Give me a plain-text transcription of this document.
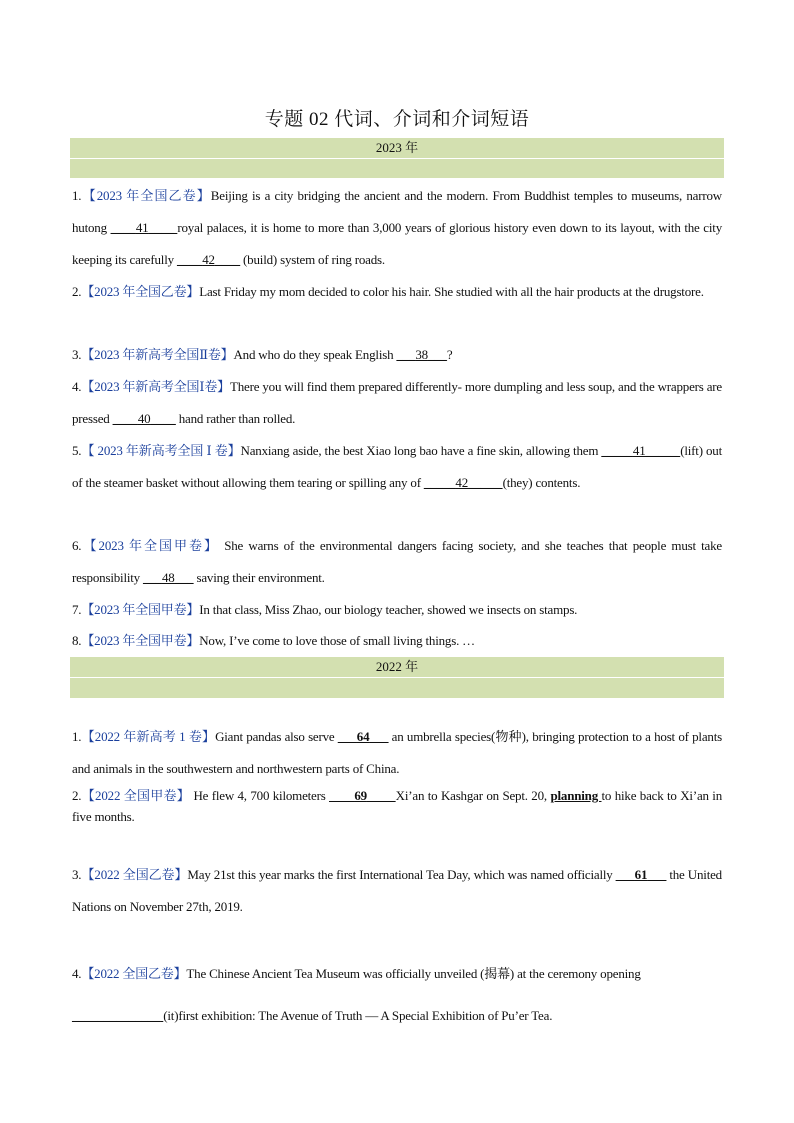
专题 02 代词、介词和介词短语
2023 年
1.【2023 年全国乙卷】Beijing is a city bridging the ancient and the modern. From Buddhist temples to museums, narrow hutong ____41____ royal palaces, it is home to more than 3,000 years of glorious history even down to its layout, with the city keeping its carefully ____42____ (build) system of ring roads.
2.【2023 年全国乙卷】Last Friday my mom decided to color his hair. She studied with all the hair products at the drugstore.
3.【2023 年新高考全国Ⅱ卷】And who do they speak English ___38___?
4.【2023 年新高考全国Ⅰ卷】There you will find them prepared differently- more dumpling and less soup, and the wrappers are pressed ____40____ hand rather than rolled.
5.【 2023 年新高考全国 Ⅰ 卷】Nanxiang aside, the best Xiao long bao have a fine skin, allowing them _____41_____ (lift) out of the steamer basket without allowing them tearing or spilling any of _____42_____ (they) contents.
6.【2023 年全国甲卷】 She warns of the environmental dangers facing society, and she teaches that people must take responsibility ___48___ saving their environment.
7.【2023 年全国甲卷】In that class, Miss Zhao, our biology teacher, showed we insects on stamps.
8.【2023 年全国甲卷】Now, I’ve come to love those of small living things. …
2022 年
1.【2022 年新高考 1 卷】Giant pandas also serve ___64___ an umbrella species(物种), bringing protection to a host of plants and animals in the southwestern and northwestern parts of China.
2.【2022 全国甲卷】 He flew 4, 700 kilometers ____69____ Xi’an to Kashgar on Sept. 20, planning to hike back to Xi’an in five months.
3.【2022 全国乙卷】May 21st this year marks the first International Tea Day, which was named officially ___61___ the United Nations on November 27th, 2019.
4.【2022 全国乙卷】The Chinese Ancient Tea Museum was officially unveiled (揭幕) at the ceremony opening
______________ (it)first exhibition: The Avenue of Truth — A Special Exhibition of Pu’er Tea.
